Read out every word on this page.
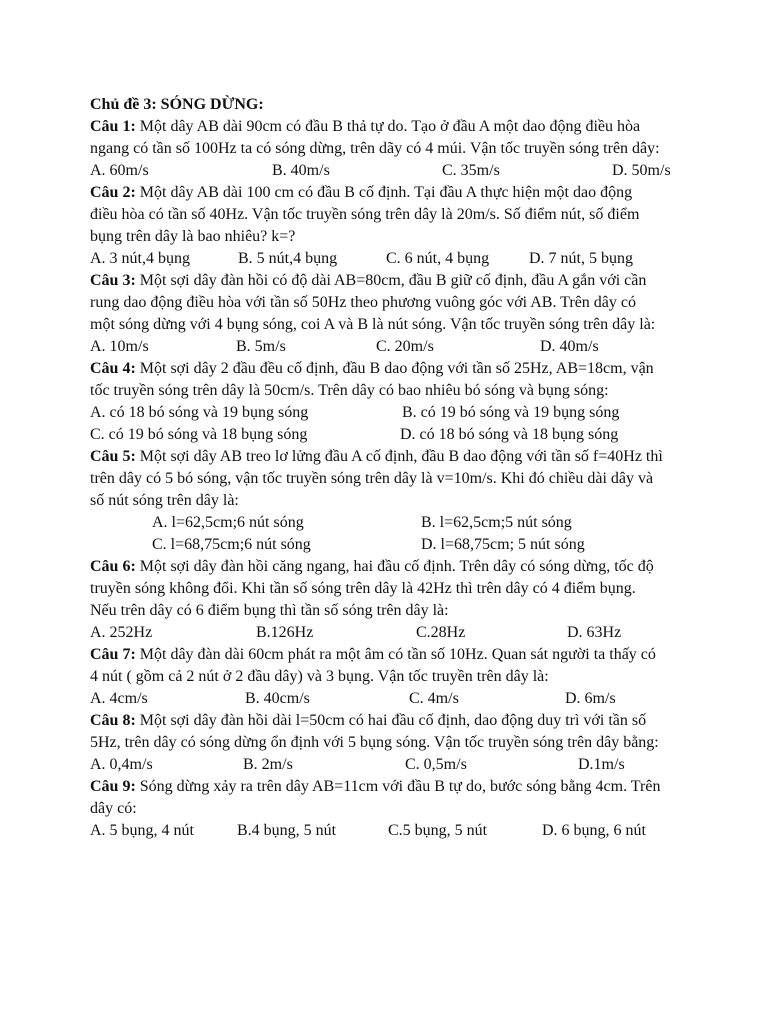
Chủ đề 3: SÓNG DỪNG:
Câu 1: Một dây AB dài 90cm có đầu B thả tự do. Tạo ở đầu A một dao động điều hòa
ngang có tần số 100Hz ta có sóng dừng, trên dãy có 4 múi. Vận tốc truyền sóng trên dây:
A. 60m/s	B. 40m/s	C. 35m/s	D. 50m/s
Câu 2: Một dây AB dài 100 cm có đầu B cố định. Tại đầu A thực hiện một dao động
điều hòa có tần số 40Hz. Vận tốc truyền sóng trên dây là 20m/s. Số điểm nút, số điểm
bụng trên dây là bao nhiêu? k=?
A. 3 nút,4 bụng	B. 5 nút,4 bụng	C. 6 nút, 4 bụng D. 7 nút, 5 bụng
Câu 3: Một sợi dây đàn hồi có độ dài AB=80cm, đầu B giữ cố định, đầu A gắn với cần
rung dao động điều hòa với tần số 50Hz theo phương vuông góc với AB. Trên dây có
một sóng dừng với 4 bụng sóng, coi A và B là nút sóng. Vận tốc truyền sóng trên dây là:
A. 10m/s	B. 5m/s	C. 20m/s	D. 40m/s
Câu 4: Một sợi dây 2 đầu đều cố định, đầu B dao động với tần số 25Hz, AB=18cm, vận
tốc truyền sóng trên dây là 50cm/s. Trên dây có bao nhiêu bó sóng và bụng sóng:
A. có 18 bó sóng và 19 bụng sóng	B. có 19 bó sóng và 19 bụng sóng
C. có 19 bó sóng và 18 bụng sóng	D. có 18 bó sóng và 18 bụng sóng
Câu 5: Một sợi dây AB treo lơ lửng đầu A cố định, đầu B dao động với tần số f=40Hz thì
trên dây có 5 bó sóng, vận tốc truyền sóng trên dây là v=10m/s. Khi đó chiều dài dây và
số nút sóng trên dây là:
A. l=62,5cm;6 nút sóng	B. l=62,5cm;5 nút sóng
C. l=68,75cm;6 nút sóng	D. l=68,75cm; 5 nút sóng
Câu 6: Một sợi dây đàn hồi căng ngang, hai đầu cố định. Trên dây có sóng dừng, tốc độ
truyền sóng không đổi. Khi tần số sóng trên dây là 42Hz thì trên dây có 4 điểm bụng.
Nếu trên dây có 6 điểm bụng thì tần số sóng trên dây là:
A. 252Hz	B.126Hz	C.28Hz	D. 63Hz
Câu 7: Một dây đàn dài 60cm phát ra một âm có tần số 10Hz. Quan sát người ta thấy có
4 nút ( gồm cả 2 nút ở 2 đầu dây) và 3 bụng. Vận tốc truyền trên dây là:
A. 4cm/s	B. 40cm/s	C. 4m/s	D. 6m/s
Câu 8: Một sợi dây đàn hồi dài l=50cm có hai đầu cố định, dao động duy trì với tần số
5Hz, trên dây có sóng dừng ổn định với 5 bụng sóng. Vận tốc truyền sóng trên dây bằng:
A. 0,4m/s	B. 2m/s	C. 0,5m/s	D.1m/s
Câu 9: Sóng dừng xảy ra trên dây AB=11cm với đầu B tự do, bước sóng bằng 4cm. Trên
dây có:
A. 5 bụng, 4 nút	B.4 bụng, 5 nút	C.5 bụng, 5 nút	D. 6 bụng, 6 nút
